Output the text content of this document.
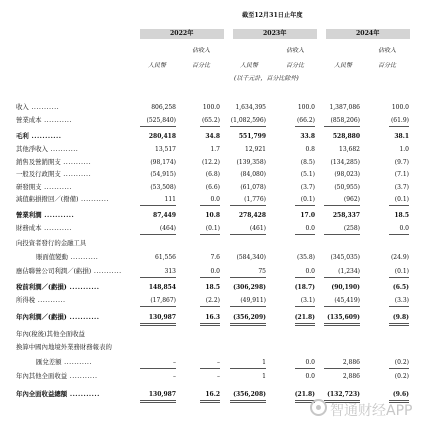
截至12月31日止年度
2022年	2023年	2024年
佔收入	佔收入	佔收入
人民幣	百分比	人民幣	百分比	人民幣	百分比
(以千元計，百分比除外)
收入 ...........	806,258	100.0	1,634,395	100.0	1,387,086	100.0
營業成本 ...........	(525,840)	(65.2)	(1,082,596)	(66.2)	(858,206)	(61.9)
毛利 ...........	280,418	34.8	551,799	33.8	528,880	38.1
其他淨收入 ...........	13,517	1.7	12,921	0.8	13,682	1.0
銷售及營銷開支 ...........	(98,174)	(12.2)	(139,358)	(8.5)	(134,285)	(9.7)
一般及行政開支 ...........	(54,915)	(6.8)	(84,080)	(5.1)	(98,023)	(7.1)
研發開支 ...........	(53,508)	(6.6)	(61,078)	(3.7)	(50,955)	(3.7)
減值虧損撥回／(撥備) ...........	111	0.0	(1,776)	(0.1)	(962)	(0.1)
營業利潤 ...........	87,449	10.8	278,428	17.0	258,337	18.5
財務成本 ...........	(464)	(0.1)	(461)	0.0	(258)	0.0
向投資者發行的金融工具
賬面值變動 ...........	61,556	7.6	(584,340)	(35.8)	(345,035)	(24.9)
應佔聯營公司利潤／(虧損) ...........	313	0.0	75	0.0	(1,234)	(0.1)
稅前利潤／(虧損) ...........	148,854	18.5	(306,298)	(18.7)	(90,190)	(6.5)
所得稅 ...........	(17,867)	(2.2)	(49,911)	(3.1)	(45,419)	(3.3)
年內利潤／(虧損) ...........	130,987	16.3	(356,209)	(21.8)	(135,609)	(9.8)
年內(稅後)其他全面收益
換算中國內地境外業務財務報表的
匯兌差額 ...........	–	–	1	0.0	2,886	(0.2)
年內其他全面收益 ...........	–	–	1	0.0	2,886	(0.2)
年內全面收益總額 ...........	130,987	16.2	(356,208)	(21.8)	(132,723)	(9.6)
智通财经APP
